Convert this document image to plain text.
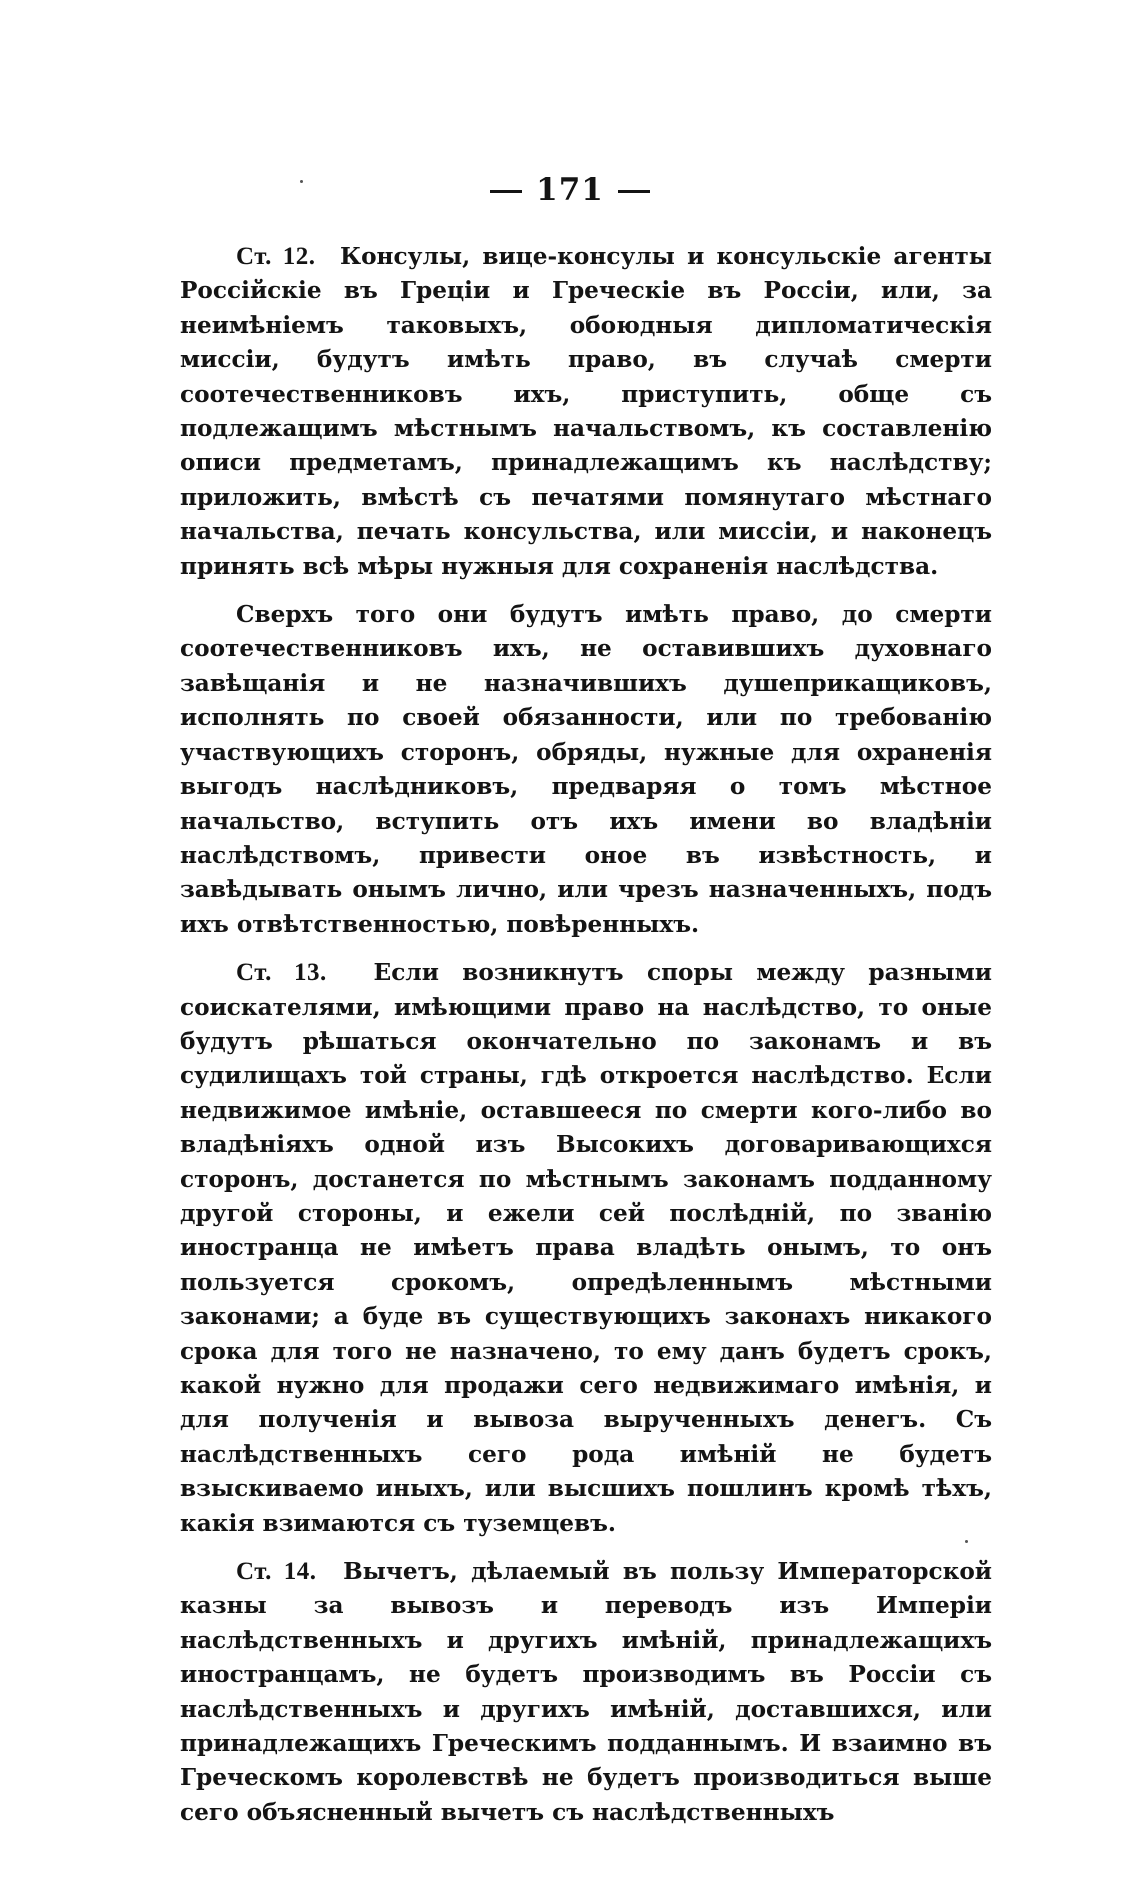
171

Ст. 12. Консулы, вице-консулы и консульскіе агенты Россійскіе въ Греціи и Греческіе въ Россіи, или, за неимѣніемъ таковыхъ, обоюдныя дипломатическія миссіи, будутъ имѣть право, въ случаѣ смерти соотечественниковъ ихъ, приступить, обще съ подлежащимъ мѣстнымъ начальствомъ, къ составленію описи предметамъ, принадлежащимъ къ наслѣдству; приложить, вмѣстѣ съ печатями помянутаго мѣстнаго начальства, печать консульства, или миссіи, и наконецъ принять всѣ мѣры нужныя для сохраненія наслѣдства.

Сверхъ того они будутъ имѣть право, до смерти соотечественниковъ ихъ, не оставившихъ духовнаго завѣщанія и не назначившихъ душеприкащиковъ, исполнять по своей обязанности, или по требованію участвующихъ сторонъ, обряды, нужные для охраненія выгодъ наслѣдниковъ, предваряя о томъ мѣстное начальство, вступить отъ ихъ имени во владѣніи наслѣдствомъ, привести оное въ извѣстность, и завѣдывать онымъ лично, или чрезъ назначенныхъ, подъ ихъ отвѣтственностью, повѣренныхъ.

Ст. 13. Если возникнутъ споры между разными соискателями, имѣющими право на наслѣдство, то оные будутъ рѣшаться окончательно по законамъ и въ судилищахъ той страны, гдѣ откроется наслѣдство. Если недвижимое имѣніе, оставшееся по смерти кого-либо во владѣніяхъ одной изъ Высокихъ договаривающихся сторонъ, достанется по мѣстнымъ законамъ подданному другой стороны, и ежели сей послѣдній, по званію иностранца не имѣетъ права владѣть онымъ, то онъ пользуется срокомъ, опредѣленнымъ мѣстными законами; а буде въ существующихъ законахъ никакого срока для того не назначено, то ему данъ будетъ срокъ, какой нужно для продажи сего недвижимаго имѣнія, и для полученія и вывоза вырученныхъ денегъ. Съ наслѣдственныхъ сего рода имѣній не будетъ взыскиваемо иныхъ, или высшихъ пошлинъ кромѣ тѣхъ, какія взимаются съ туземцевъ.

Ст. 14. Вычетъ, дѣлаемый въ пользу Императорской казны за вывозъ и переводъ изъ Имперіи наслѣдственныхъ и другихъ имѣній, принадлежащихъ иностранцамъ, не будетъ производимъ въ Россіи съ наслѣдственныхъ и другихъ имѣній, доставшихся, или принадлежащихъ Греческимъ подданнымъ. И взаимно въ Греческомъ королевствѣ не будетъ производиться выше сего объясненный вычетъ съ наслѣдственныхъ
